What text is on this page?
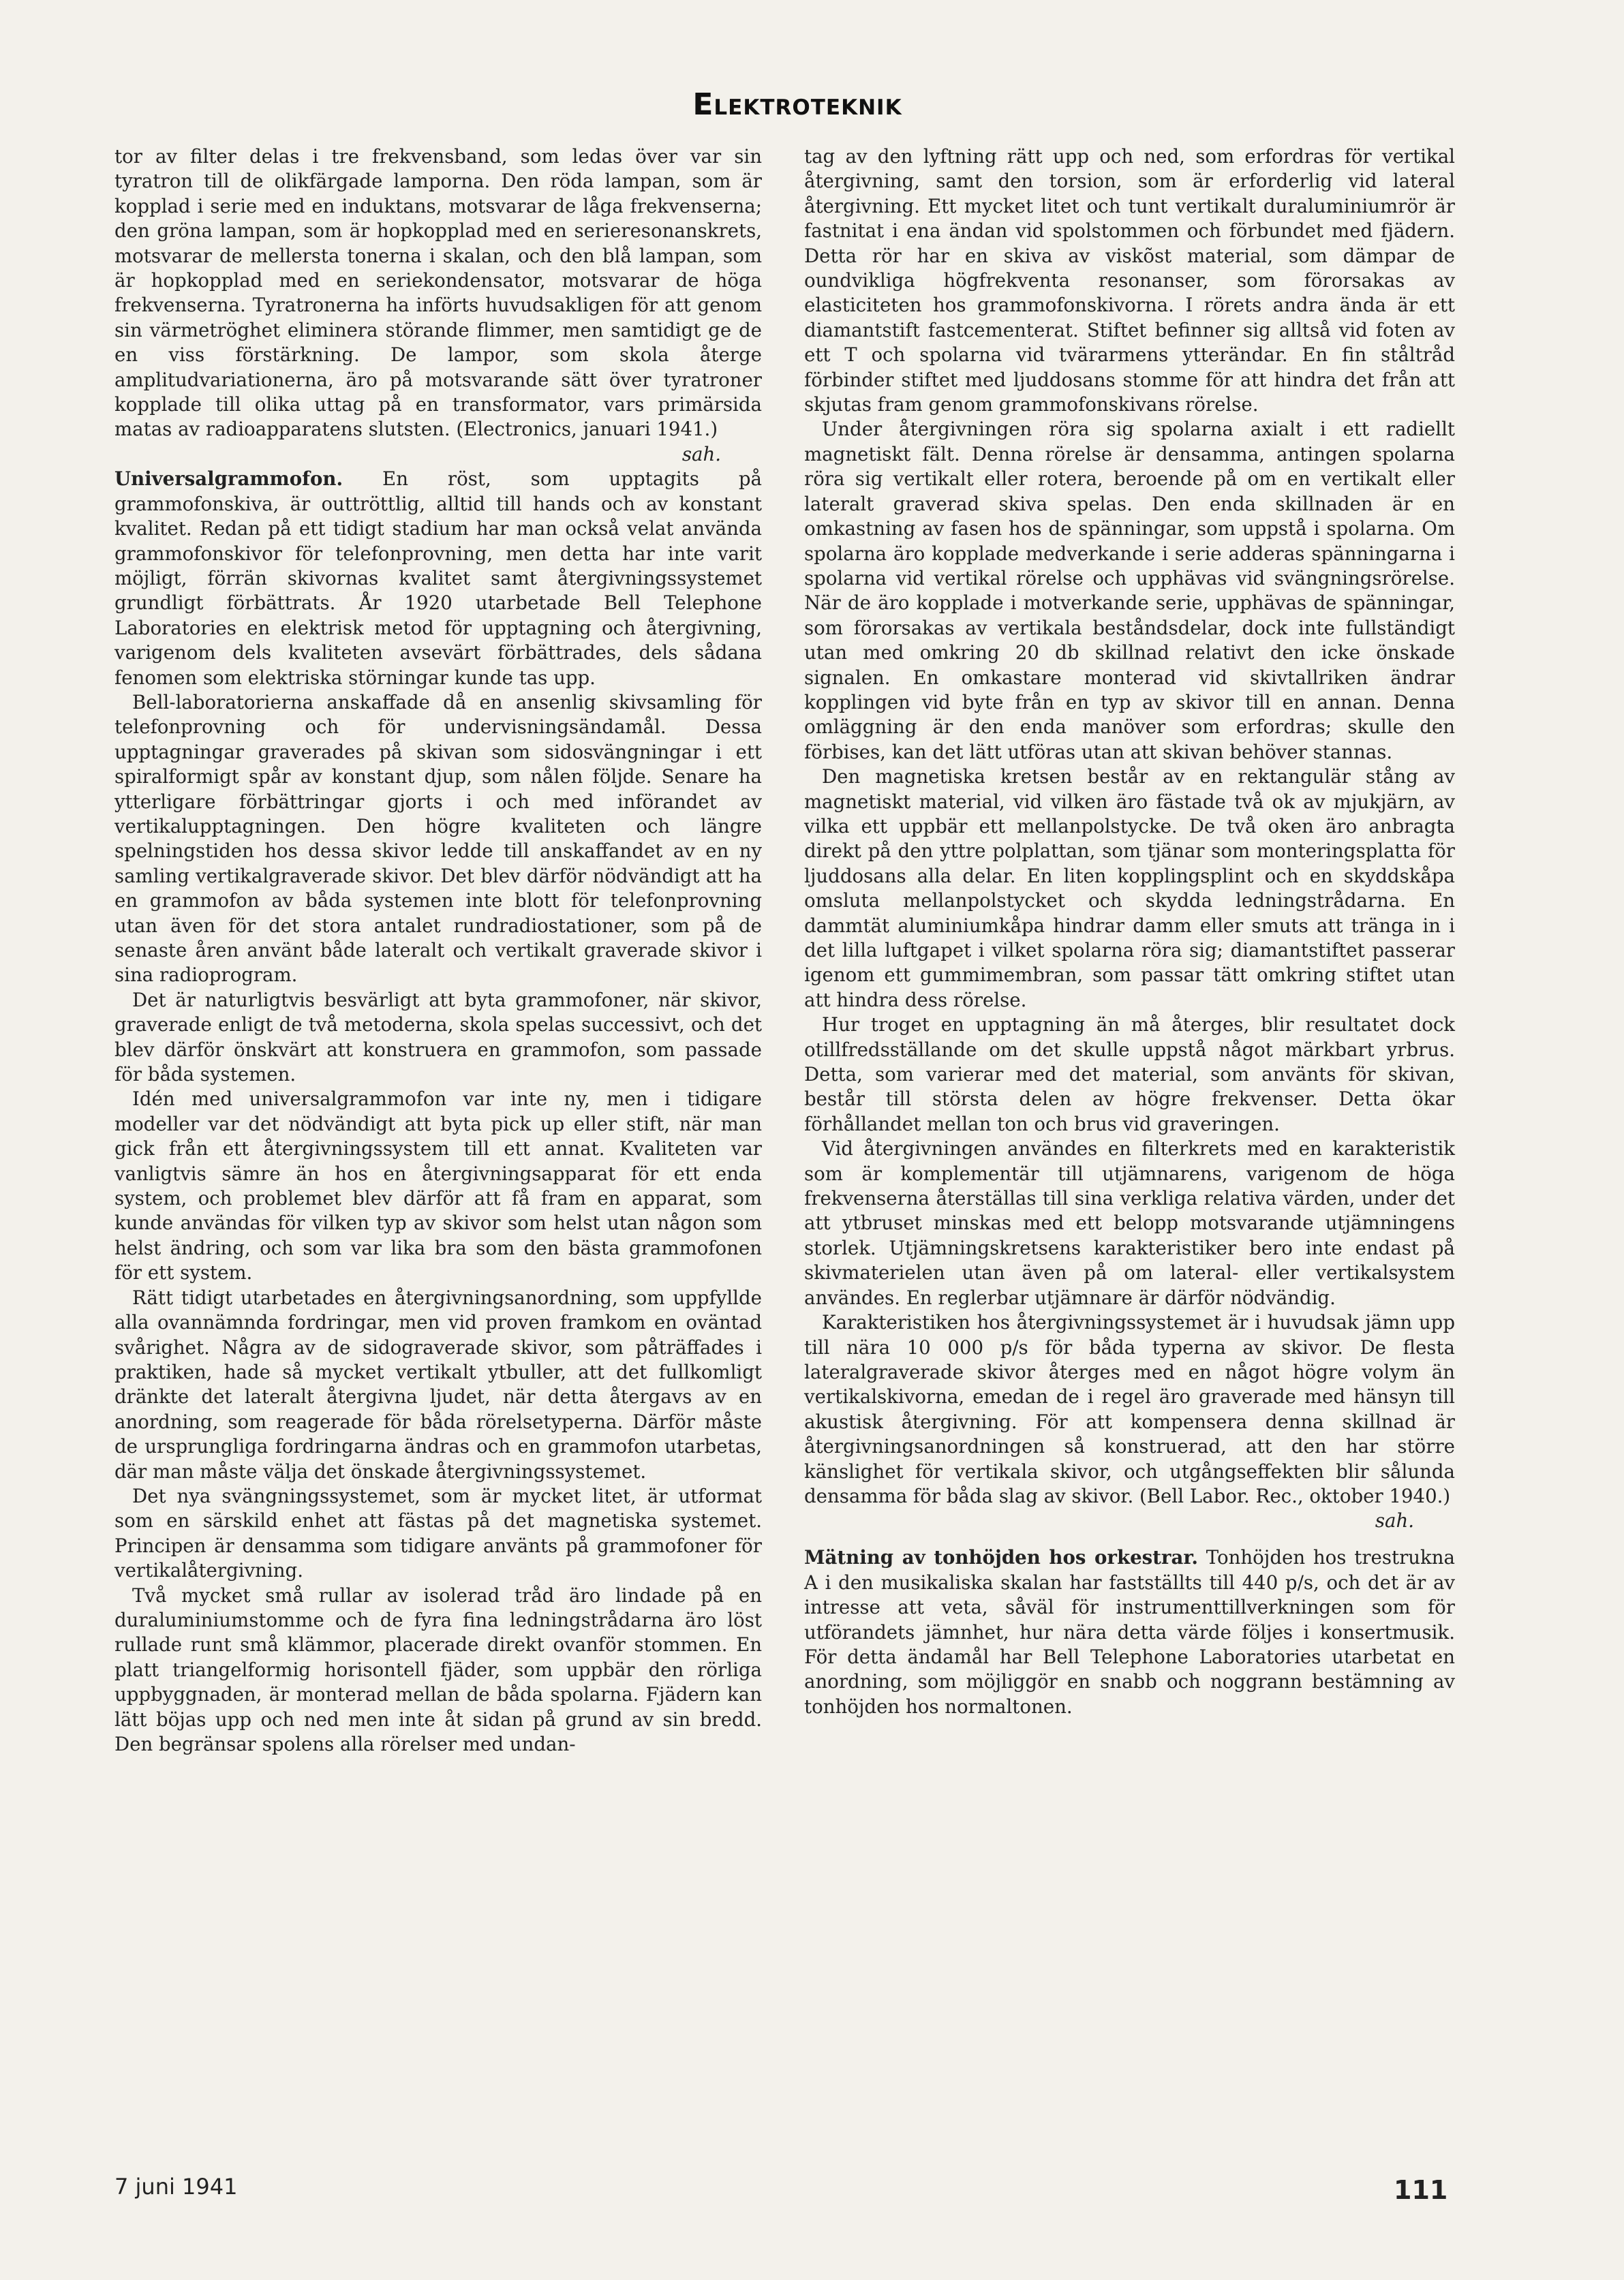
Elektroteknik

tor av filter delas i tre frekvensband, som ledas över var sin tyratron till de olikfärgade lamporna. Den röda lampan, som är kopplad i serie med en induktans, motsvarar de låga frekvenserna; den gröna lampan, som är hopkopplad med en serieresonanskrets, motsvarar de mellersta tonerna i skalan, och den blå lampan, som är hopkopplad med en seriekondensator, motsvarar de höga frekvenserna. Tyratronerna ha införts huvudsakligen för att genom sin värmetröghet eliminera störande flimmer, men samtidigt ge de en viss förstärkning. De lampor, som skola återge amplitudvariationerna, äro på motsvarande sätt över tyratroner kopplade till olika uttag på en transformator, vars primärsida matas av radioapparatens slutsten. (Electronics, januari 1941.)
sah.

Universalgrammofon. En röst, som upptagits på grammofonskiva, är outtröttlig, alltid till hands och av konstant kvalitet. Redan på ett tidigt stadium har man också velat använda grammofonskivor för telefonprovning, men detta har inte varit möjligt, förrän skivornas kvalitet samt återgivningssystemet grundligt förbättrats. År 1920 utarbetade Bell Telephone Laboratories en elektrisk metod för upptagning och återgivning, varigenom dels kvaliteten avsevärt förbättrades, dels sådana fenomen som elektriska störningar kunde tas upp.

Bell-laboratorierna anskaffade då en ansenlig skivsamling för telefonprovning och för undervisningsändamål. Dessa upptagningar graverades på skivan som sidosvängningar i ett spiralformigt spår av konstant djup, som nålen följde. Senare ha ytterligare förbättringar gjorts i och med införandet av vertikalupptagningen. Den högre kvaliteten och längre spelningstiden hos dessa skivor ledde till anskaffandet av en ny samling vertikalgraverade skivor. Det blev därför nödvändigt att ha en grammofon av båda systemen inte blott för telefonprovning utan även för det stora antalet rundradiostationer, som på de senaste åren använt både lateralt och vertikalt graverade skivor i sina radioprogram.

Det är naturligtvis besvärligt att byta grammofoner, när skivor, graverade enligt de två metoderna, skola spelas successivt, och det blev därför önskvärt att konstruera en grammofon, som passade för båda systemen.

Idén med universalgrammofon var inte ny, men i tidigare modeller var det nödvändigt att byta pick up eller stift, när man gick från ett återgivningssystem till ett annat. Kvaliteten var vanligtvis sämre än hos en återgivningsapparat för ett enda system, och problemet blev därför att få fram en apparat, som kunde användas för vilken typ av skivor som helst utan någon som helst ändring, och som var lika bra som den bästa grammofonen för ett system.

Rätt tidigt utarbetades en återgivningsanordning, som uppfyllde alla ovannämnda fordringar, men vid proven framkom en oväntad svårighet. Några av de sidograverade skivor, som påträffades i praktiken, hade så mycket vertikalt ytbuller, att det fullkomligt dränkte det lateralt återgivna ljudet, när detta återgavs av en anordning, som reagerade för båda rörelsetyperna. Därför måste de ursprungliga fordringarna ändras och en grammofon utarbetas, där man måste välja det önskade återgivningssystemet.

Det nya svängningssystemet, som är mycket litet, är utformat som en särskild enhet att fästas på det magnetiska systemet. Principen är densamma som tidigare använts på grammofoner för vertikalåtergivning.

Två mycket små rullar av isolerad tråd äro lindade på en duraluminiumstomme och de fyra fina ledningstrådarna äro löst rullade runt små klämmor, placerade direkt ovanför stommen. En platt triangelformig horisontell fjäder, som uppbär den rörliga uppbyggnaden, är monterad mellan de båda spolarna. Fjädern kan lätt böjas upp och ned men inte åt sidan på grund av sin bredd. Den begränsar spolens alla rörelser med undan-

tag av den lyftning rätt upp och ned, som erfordras för vertikal återgivning, samt den torsion, som är erforderlig vid lateral återgivning. Ett mycket litet och tunt vertikalt duraluminiumrör är fastnitat i ena ändan vid spolstommen och förbundet med fjädern. Detta rör har en skiva av viskõst material, som dämpar de oundvikliga högfrekventa resonanser, som förorsakas av elasticiteten hos grammofonskivorna. I rörets andra ända är ett diamantstift fastcementerat. Stiftet befinner sig alltså vid foten av ett T och spolarna vid tvärarmens ytterändar. En fin ståltråd förbinder stiftet med ljuddosans stomme för att hindra det från att skjutas fram genom grammofonskivans rörelse.

Under återgivningen röra sig spolarna axialt i ett radiellt magnetiskt fält. Denna rörelse är densamma, antingen spolarna röra sig vertikalt eller rotera, beroende på om en vertikalt eller lateralt graverad skiva spelas. Den enda skillnaden är en omkastning av fasen hos de spänningar, som uppstå i spolarna. Om spolarna äro kopplade medverkande i serie adderas spänningarna i spolarna vid vertikal rörelse och upphävas vid svängningsrörelse. När de äro kopplade i motverkande serie, upphävas de spänningar, som förorsakas av vertikala beståndsdelar, dock inte fullständigt utan med omkring 20 db skillnad relativt den icke önskade signalen. En omkastare monterad vid skivtallriken ändrar kopplingen vid byte från en typ av skivor till en annan. Denna omläggning är den enda manöver som erfordras; skulle den förbises, kan det lätt utföras utan att skivan behöver stannas.

Den magnetiska kretsen består av en rektangulär stång av magnetiskt material, vid vilken äro fästade två ok av mjukjärn, av vilka ett uppbär ett mellanpolstycke. De två oken äro anbragta direkt på den yttre polplattan, som tjänar som monteringsplatta för ljuddosans alla delar. En liten kopplingsplint och en skyddskåpa omsluta mellanpolstycket och skydda ledningstrådarna. En dammtät aluminiumkåpa hindrar damm eller smuts att tränga in i det lilla luftgapet i vilket spolarna röra sig; diamantstiftet passerar igenom ett gummimembran, som passar tätt omkring stiftet utan att hindra dess rörelse.

Hur troget en upptagning än må återges, blir resultatet dock otillfredsställande om det skulle uppstå något märkbart yrbrus. Detta, som varierar med det material, som använts för skivan, består till största delen av högre frekvenser. Detta ökar förhållandet mellan ton och brus vid graveringen.

Vid återgivningen användes en filterkrets med en karakteristik som är komplementär till utjämnarens, varigenom de höga frekvenserna återställas till sina verkliga relativa värden, under det att ytbruset minskas med ett belopp motsvarande utjämningens storlek. Utjämningskretsens karakteristiker bero inte endast på skivmaterielen utan även på om lateral- eller vertikalsystem användes. En reglerbar utjämnare är därför nödvändig.

Karakteristiken hos återgivningssystemet är i huvudsak jämn upp till nära 10 000 p/s för båda typerna av skivor. De flesta lateralgraverade skivor återges med en något högre volym än vertikalskivorna, emedan de i regel äro graverade med hänsyn till akustisk återgivning. För att kompensera denna skillnad är återgivningsanordningen så konstruerad, att den har större känslighet för vertikala skivor, och utgångseffekten blir sålunda densamma för båda slag av skivor. (Bell Labor. Rec., oktober 1940.)
sah.

Mätning av tonhöjden hos orkestrar. Tonhöjden hos trestrukna A i den musikaliska skalan har fastställts till 440 p/s, och det är av intresse att veta, såväl för instrumenttillverkningen som för utförandets jämnhet, hur nära detta värde följes i konsertmusik. För detta ändamål har Bell Telephone Laboratories utarbetat en anordning, som möjliggör en snabb och noggrann bestämning av tonhöjden hos normaltonen.

7 juni 1941	111
